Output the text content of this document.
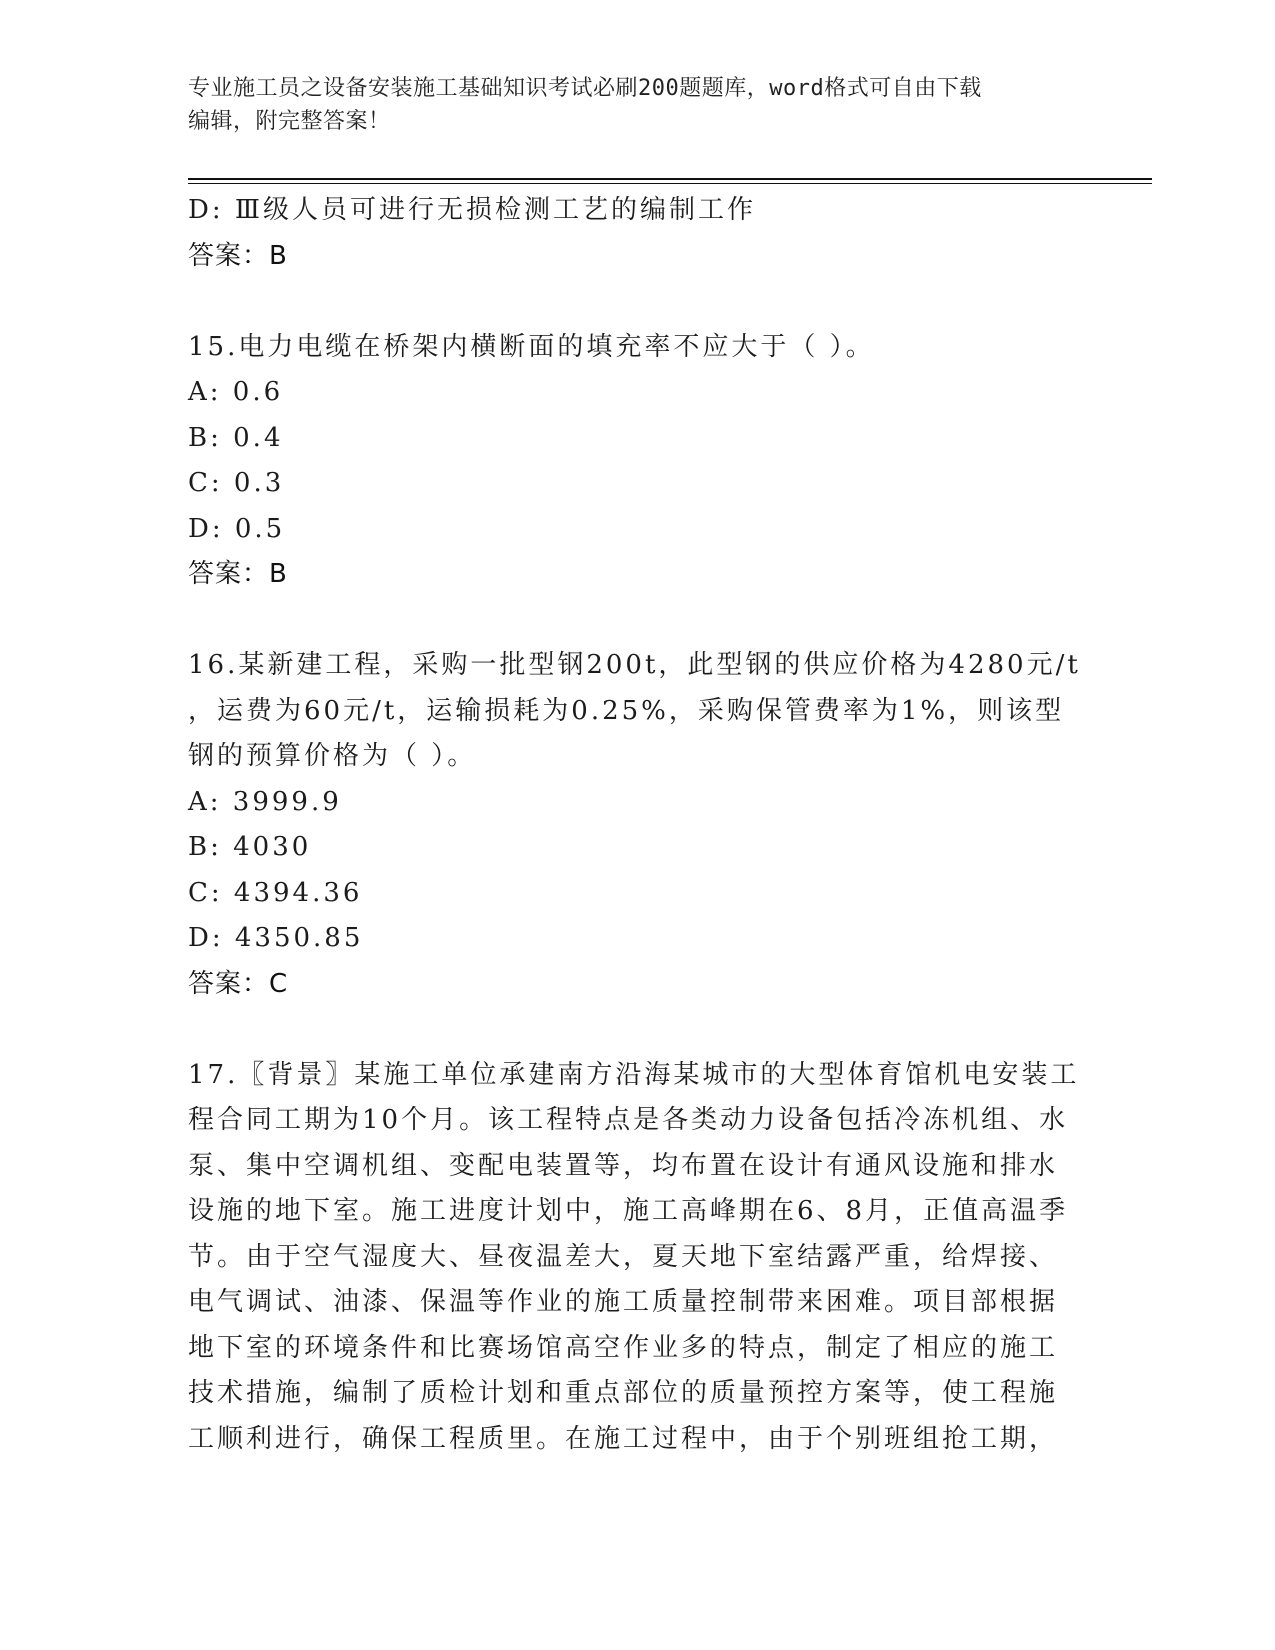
专业施工员之设备安装施工基础知识考试必刷200题题库，word格式可自由下载
编辑，附完整答案！
D: Ⅲ级人员可进行无损检测工艺的编制工作
答案：B
15.电力电缆在桥架内横断面的填充率不应大于（ ）。
A: 0.6
B: 0.4
C: 0.3
D: 0.5
答案：B
16.某新建工程，采购一批型钢200t，此型钢的供应价格为4280元/t
，运费为60元/t，运输损耗为0.25%，采购保管费率为1%，则该型
钢的预算价格为（ ）。
A: 3999.9
B: 4030
C: 4394.36
D: 4350.85
答案：C
17.〖背景〗某施工单位承建南方沿海某城市的大型体育馆机电安装工
程合同工期为10个月。该工程特点是各类动力设备包括冷冻机组、水
泵、集中空调机组、变配电装置等，均布置在设计有通风设施和排水
设施的地下室。施工进度计划中，施工高峰期在6、8月，正值高温季
节。由于空气湿度大、昼夜温差大，夏天地下室结露严重，给焊接、
电气调试、油漆、保温等作业的施工质量控制带来困难。项目部根据
地下室的环境条件和比赛场馆高空作业多的特点，制定了相应的施工
技术措施，编制了质检计划和重点部位的质量预控方案等，使工程施
工顺利进行，确保工程质里。在施工过程中，由于个别班组抢工期，
